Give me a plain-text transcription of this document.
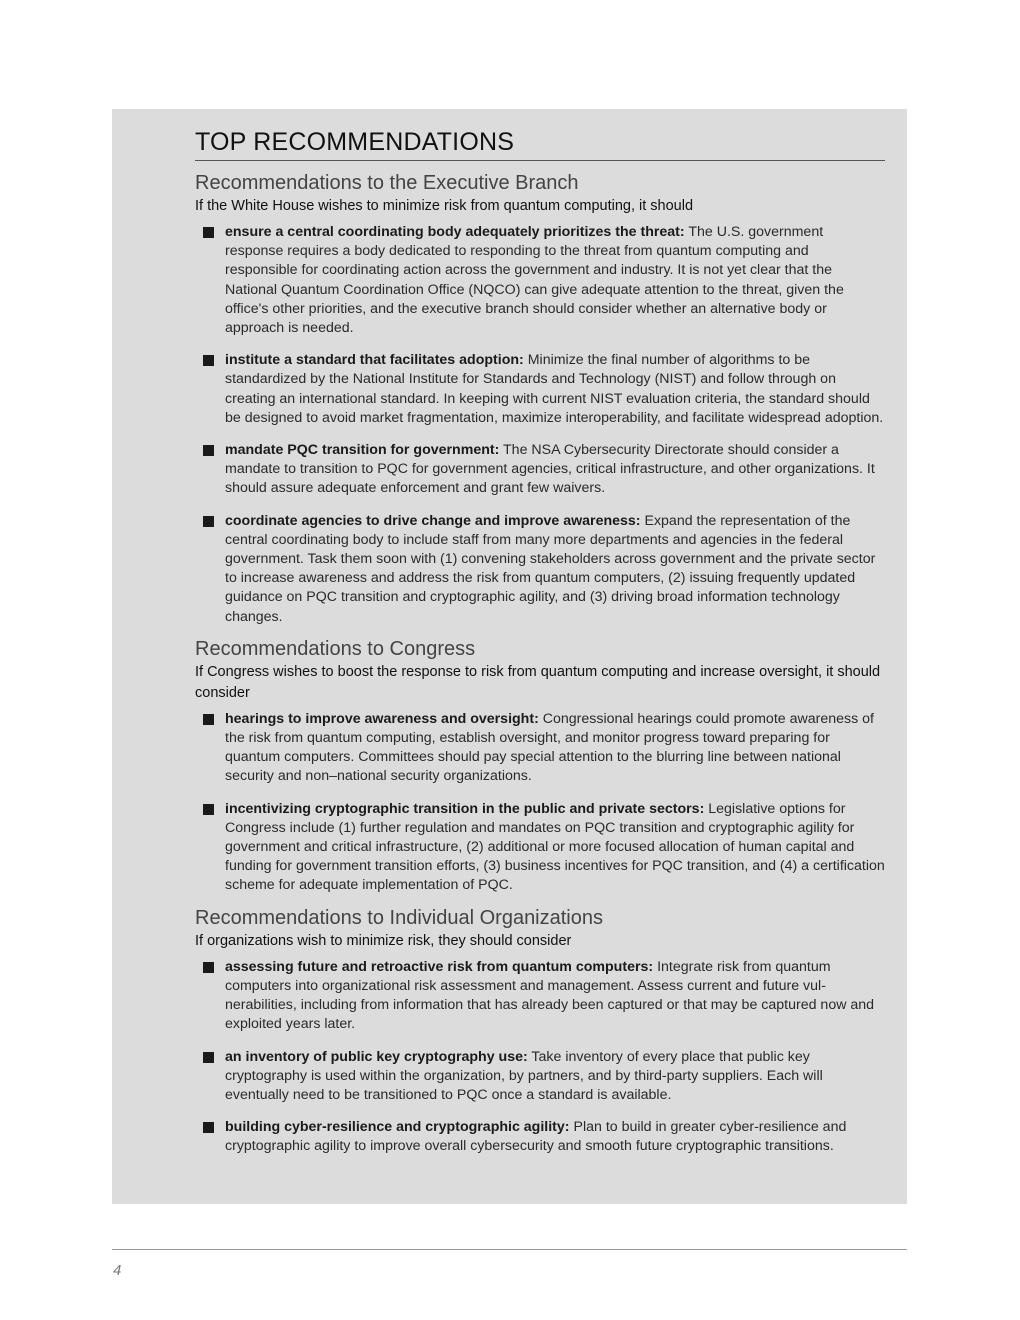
TOP RECOMMENDATIONS
Recommendations to the Executive Branch

If the White House wishes to minimize risk from quantum computing, it should

ensure a central coordinating body adequately prioritizes the threat: The U.S. government response requires a body dedicated to responding to the threat from quantum computing and responsible for coordinating action across the government and industry. It is not yet clear that the National Quantum Coordination Office (NQCO) can give adequate attention to the threat, given the office's other priorities, and the executive branch should consider whether an alternative body or approach is needed.
institute a standard that facilitates adoption: Minimize the final number of algorithms to be standardized by the National Institute for Standards and Technology (NIST) and follow through on creating an international standard. In keeping with current NIST evaluation criteria, the standard should be designed to avoid market fragmentation, maximize interoperability, and facilitate widespread adoption.
mandate PQC transition for government: The NSA Cybersecurity Directorate should consider a mandate to transition to PQC for government agencies, critical infrastructure, and other organizations. It should assure adequate enforcement and grant few waivers.
coordinate agencies to drive change and improve awareness: Expand the representation of the central coordinating body to include staff from many more departments and agencies in the federal government. Task them soon with (1) convening stakeholders across government and the private sector to increase awareness and address the risk from quantum computers, (2) issuing frequently updated guidance on PQC transition and cryptographic agility, and (3) driving broad information technology changes.
Recommendations to Congress

If Congress wishes to boost the response to risk from quantum computing and increase oversight, it should consider

hearings to improve awareness and oversight: Congressional hearings could promote awareness of the risk from quantum computing, establish oversight, and monitor progress toward preparing for quantum computers. Committees should pay special attention to the blurring line between national security and non–national security organizations.
incentivizing cryptographic transition in the public and private sectors: Legislative options for Congress include (1) further regulation and mandates on PQC transition and cryptographic agility for government and critical infrastructure, (2) additional or more focused allocation of human capital and funding for government transition efforts, (3) business incentives for PQC transition, and (4) a certification scheme for adequate implementation of PQC.
Recommendations to Individual Organizations

If organizations wish to minimize risk, they should consider

assessing future and retroactive risk from quantum computers: Integrate risk from quantum computers into organizational risk assessment and management. Assess current and future vulnerabilities, including from information that has already been captured or that may be captured now and exploited years later.
an inventory of public key cryptography use: Take inventory of every place that public key cryptography is used within the organization, by partners, and by third-party suppliers. Each will eventually need to be transitioned to PQC once a standard is available.
building cyber-resilience and cryptographic agility: Plan to build in greater cyber-resilience and cryptographic agility to improve overall cybersecurity and smooth future cryptographic transitions.
4
